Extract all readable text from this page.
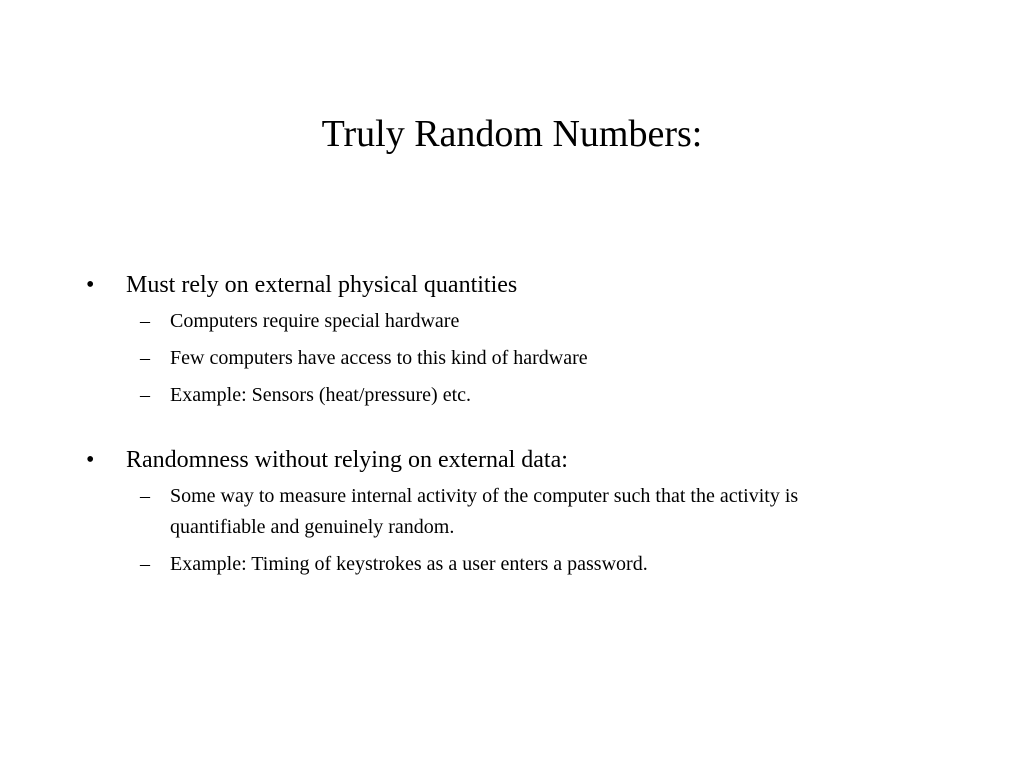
Truly Random Numbers:
• Must rely on external physical quantities
– Computers require special hardware
– Few computers have access to this kind of hardware
– Example: Sensors (heat/pressure) etc.
• Randomness without relying on external data:
– Some way to measure internal activity of the computer such that the activity is quantifiable and genuinely random.
– Example: Timing of keystrokes as a user enters a password.
